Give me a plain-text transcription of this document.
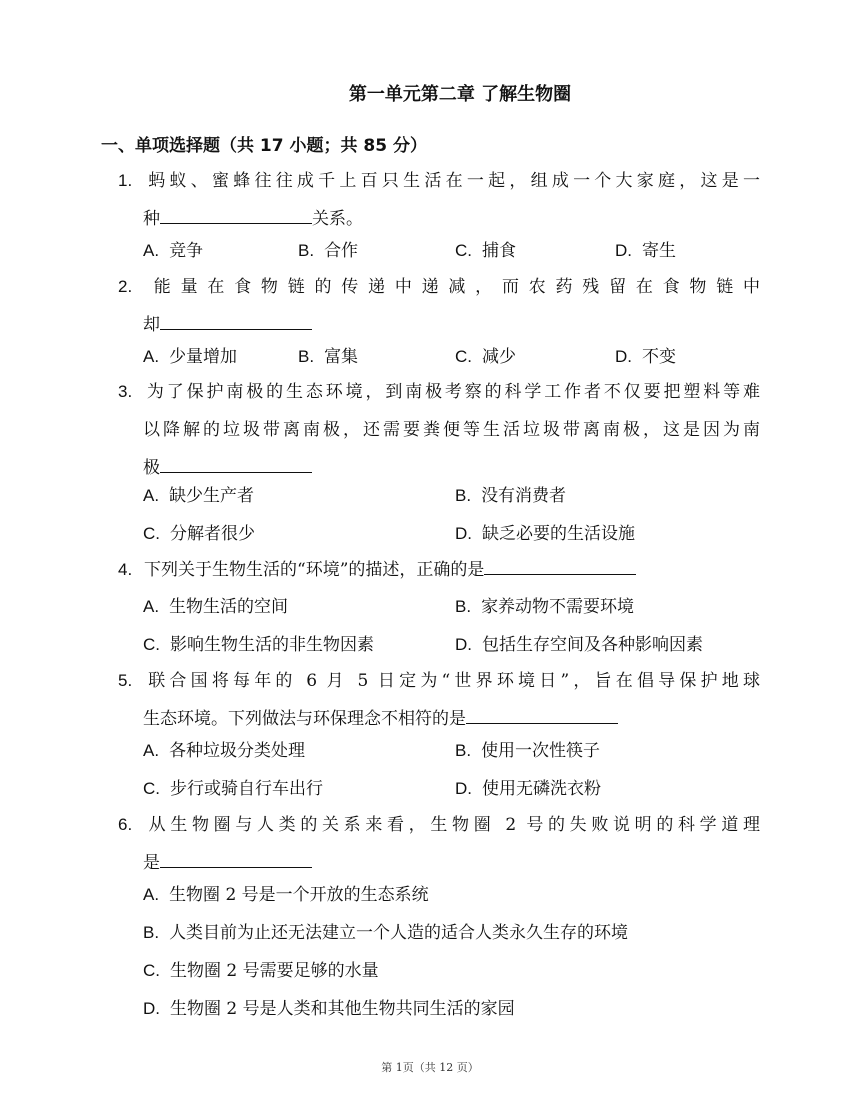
第一单元第二章 了解生物圈
一、单项选择题（共 17 小题；共 85 分）
1. 蚂蚁、蜜蜂往往成千上百只生活在一起，组成一个大家庭，这是一
种	关系。
A. 竞争	B. 合作	C. 捕食	D. 寄生
2. 能量在食物链的传递中递减，而农药残留在食物链中
却
A. 少量增加	B. 富集	C. 减少	D. 不变
3. 为了保护南极的生态环境，到南极考察的科学工作者不仅要把塑料等难
以降解的垃圾带离南极，还需要粪便等生活垃圾带离南极，这是因为南
极
A. 缺少生产者	B. 没有消费者
C. 分解者很少	D. 缺乏必要的生活设施
4. 下列关于生物生活的“环境”的描述，正确的是
A. 生物生活的空间	B. 家养动物不需要环境
C. 影响生物生活的非生物因素	D. 包括生存空间及各种影响因素
5. 联合国将每年的 6 月 5 日定为“世界环境日”，旨在倡导保护地球
生态环境。下列做法与环保理念不相符的是
A. 各种垃圾分类处理	B. 使用一次性筷子
C. 步行或骑自行车出行	D. 使用无磷洗衣粉
6. 从生物圈与人类的关系来看，生物圈 2 号的失败说明的科学道理
是
A. 生物圈 2 号是一个开放的生态系统
B. 人类目前为止还无法建立一个人造的适合人类永久生存的环境
C. 生物圈 2 号需要足够的水量
D. 生物圈 2 号是人类和其他生物共同生活的家园
第 1页（共 12 页）
